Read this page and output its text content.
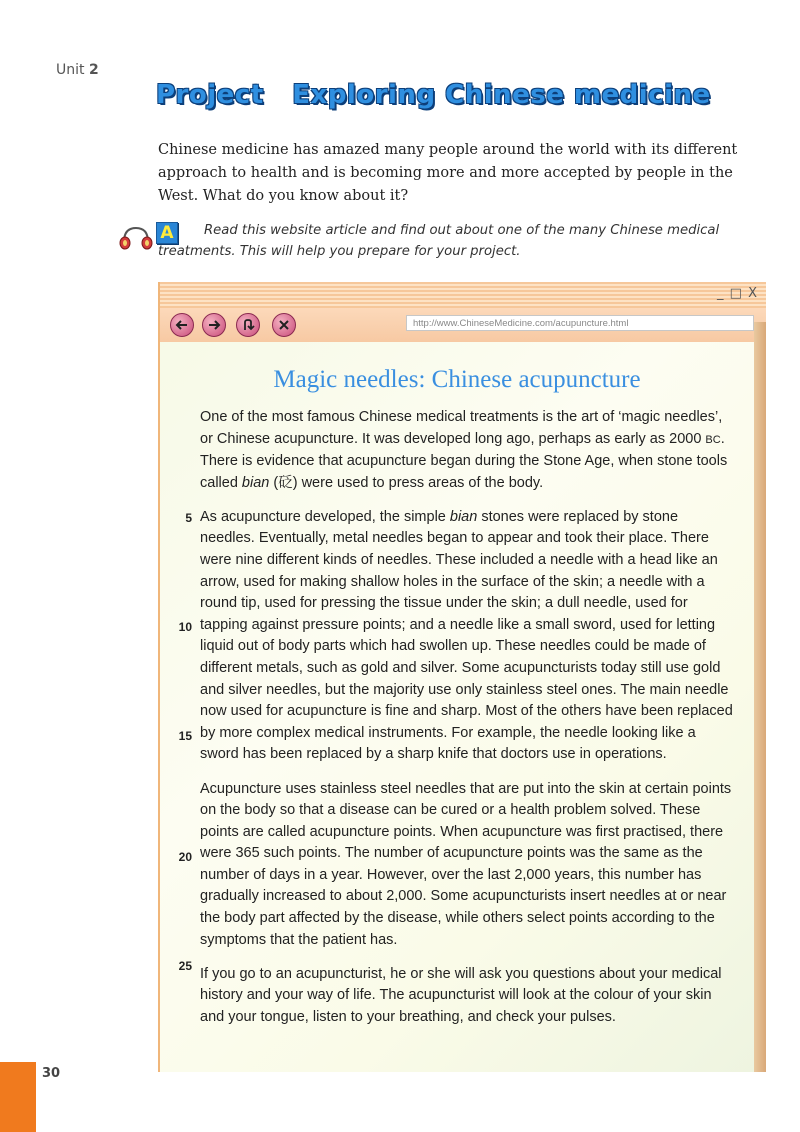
Unit 2
Project   Exploring Chinese medicine

Chinese medicine has amazed many people around the world with its different approach to health and is becoming more and more accepted by people in the West. What do you know about it?

A	Read this website article and find out about one of the many Chinese medical treatments. This will help you prepare for your project.

_ □ X
http://www.ChineseMedicine.com/acupuncture.html
Magic needles: Chinese acupuncture
5
10
15
20
25

One of the most famous Chinese medical treatments is the art of ‘magic needles’, or Chinese acupuncture. It was developed long ago, perhaps as early as 2000 BC. There is evidence that acupuncture began during the Stone Age, when stone tools called bian (砭) were used to press areas of the body.

As acupuncture developed, the simple bian stones were replaced by stone needles. Eventually, metal needles began to appear and took their place. There were nine different kinds of needles. These included a needle with a head like an arrow, used for making shallow holes in the surface of the skin; a needle with a round tip, used for pressing the tissue under the skin; a dull needle, used for tapping against pressure points; and a needle like a small sword, used for letting liquid out of body parts which had swollen up. These needles could be made of different metals, such as gold and silver. Some acupuncturists today still use gold and silver needles, but the majority use only stainless steel ones. The main needle now used for acupuncture is fine and sharp. Most of the others have been replaced by more complex medical instruments. For example, the needle looking like a sword has been replaced by a sharp knife that doctors use in operations.

Acupuncture uses stainless steel needles that are put into the skin at certain points on the body so that a disease can be cured or a health problem solved. These points are called acupuncture points. When acupuncture was first practised, there were 365 such points. The number of acupuncture points was the same as the number of days in a year. However, over the last 2,000 years, this number has gradually increased to about 2,000. Some acupuncturists insert needles at or near the body part affected by the disease, while others select points according to the symptoms that the patient has.

If you go to an acupuncturist, he or she will ask you questions about your medical history and your way of life. The acupuncturist will look at the colour of your skin and your tongue, listen to your breathing, and check your pulses.

30
